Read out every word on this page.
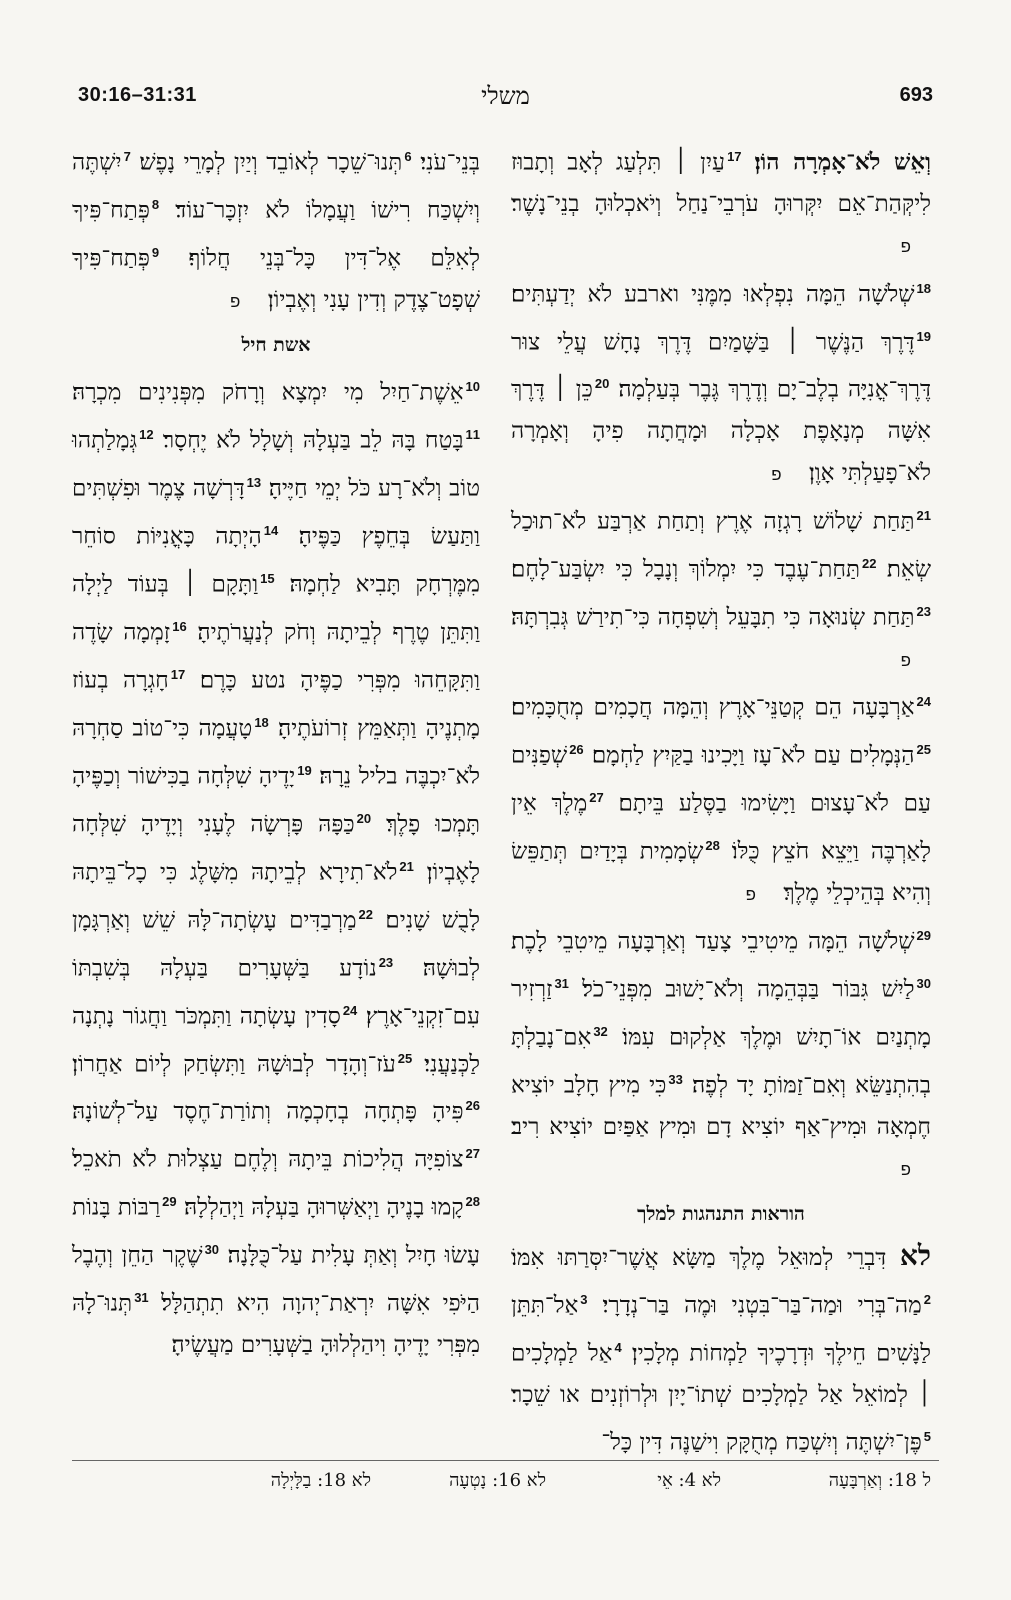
30:16–31:31	משלי	693

וְאֵשׁ לֹא־אָמְרָה הוֹן׃ $^{17}$עַיִן ׀ תִּלְעַג לְאָב וְתָבוּז לִיקְּהַת־אֵם יִקְּרוּהָ עֹרְבֵי־נַחַל וְיֹאכְלוּהָ בְנֵי־נָשֶׁר׃ פ

$^{18}$שְׁלֹשָׁה הֵמָּה נִפְלְאוּ מִמֶּנִּי וארבע לֹא יְדַעְתִּים׃ $^{19}$דֶּרֶךְ הַנֶּשֶׁר ׀ בַּשָּׁמַיִם דֶּרֶךְ נָחָשׁ עֲלֵי צוּר דֶּרֶךְ־אֳנִיָּה בְלֶב־יָם וְדֶרֶךְ גֶּבֶר בְּעַלְמָה׃ $^{20}$כֵּן ׀ דֶּרֶךְ אִשָּׁה מְנָאָפֶת אָכְלָה וּמָחֲתָה פִיהָ וְאָמְרָה לֹא־פָעַלְתִּי אָוֶן׃ פ

$^{21}$תַּחַת שָׁלוֹשׁ רָגְזָה אֶרֶץ וְתַחַת אַרְבַּע לֹא־תוּכַל שְׂאֵת׃ $^{22}$תַּחַת־עֶבֶד כִּי יִמְלוֹךְ וְנָבָל כִּי יִשְׂבַּע־לָחֶם׃ $^{23}$תַּחַת שְׂנוּאָה כִּי תִבָּעֵל וְשִׁפְחָה כִּי־תִירַשׁ גְּבִרְתָּהּ׃ פ

$^{24}$אַרְבָּעָה הֵם קְטַנֵּי־אָרֶץ וְהֵמָּה חֲכָמִים מְחֻכָּמִים׃ $^{25}$הַנְּמָלִים עַם לֹא־עָז וַיָּכִינוּ בַקַּיִץ לַחְמָם׃ $^{26}$שְׁפַנִּים עַם לֹא־עָצוּם וַיָּשִׂימוּ בַסֶּלַע בֵּיתָם׃ $^{27}$מֶלֶךְ אֵין לָאַרְבֶּה וַיֵּצֵא חֹצֵץ כֻּלּוֹ׃ $^{28}$שְׂמָמִית בְּיָדַיִם תְּתַפֵּשׂ וְהִיא בְּהֵיכְלֵי מֶלֶךְ׃ פ

$^{29}$שְׁלֹשָׁה הֵמָּה מֵיטִיבֵי צָעַד וְאַרְבָּעָה מֵיטִבֵי לָכֶת׃ $^{30}$לַיִשׁ גִּבּוֹר בַּבְּהֵמָה וְלֹא־יָשׁוּב מִפְּנֵי־כֹל׃ $^{31}$זַרְזִיר מָתְנַיִם אוֹ־תָיִשׁ וּמֶלֶךְ אַלְקוּם עִמּוֹ׃ $^{32}$אִם־נָבַלְתָּ בְהִתְנַשֵּׂא וְאִם־זַמּוֹתָ יָד לְפֶה׃ $^{33}$כִּי מִיץ חָלָב יוֹצִיא חֶמְאָה וּמִיץ־אַף יוֹצִיא דָם וּמִיץ אַפַּיִם יוֹצִיא רִיב׃ פ

הוראות התנהגות למלך

לא דִּבְרֵי לְמוּאֵל מֶלֶךְ מַשָּׂא אֲשֶׁר־יִסְּרַתּוּ אִמּוֹ׃ $^2$מַה־בְּרִי וּמַה־בַּר־בִּטְנִי וּמֶה בַּר־נְדָרָי׃ $^3$אַל־תִּתֵּן לַנָּשִׁים חֵילֶךָ וּדְרָכֶיךָ לַמְחוֹת מְלָכִין׃ $^4$אַל לַמְלָכִים ׀ לְמוֹאֵל אַל לַמְלָכִים שְׁתוֹ־יָיִן וּלְרוֹזְנִים או שֵׁכָר׃ $^5$פֶּן־יִשְׁתֶּה וְיִשְׁכַּח מְחֻקָּק וִישַׁנֶּה דִּין כָּל־

בְּנֵי־עֹנִי׃ $^6$תְּנוּ־שֵׁכָר לְאוֹבֵד וְיַיִן לְמָרֵי נָפֶשׁ׃ $^7$יִשְׁתֶּה וְיִשְׁכַּח רִישׁוֹ וַעֲמָלוֹ לֹא יִזְכָּר־עוֹד׃ $^8$פְּתַח־פִּיךָ לְאִלֵּם אֶל־דִּין כָּל־בְּנֵי חֲלוֹף׃ $^9$פְּתַח־פִּיךָ שְׁפָט־צֶדֶק וְדִין עָנִי וְאֶבְיוֹן׃ פ

אשת חיל

$^{10}$אֵשֶׁת־חַיִל מִי יִמְצָא וְרָחֹק מִפְּנִינִים מִכְרָהּ׃ $^{11}$בָּטַח בָּהּ לֵב בַּעְלָהּ וְשָׁלָל לֹא יֶחְסָר׃ $^{12}$גְּמָלַתְהוּ טוֹב וְלֹא־רָע כֹּל יְמֵי חַיֶּיהָ׃ $^{13}$דָּרְשָׁה צֶמֶר וּפִשְׁתִּים וַתַּעַשׂ בְּחֵפֶץ כַּפֶּיהָ׃ $^{14}$הָיְתָה כָּאֳנִיּוֹת סוֹחֵר מִמֶּרְחָק תָּבִיא לַחְמָהּ׃ $^{15}$וַתָּקָם ׀ בְּעוֹד לַיְלָה וַתִּתֵּן טֶרֶף לְבֵיתָהּ וְחֹק לְנַעֲרֹתֶיהָ׃ $^{16}$זָמְמָה שָׂדֶה וַתִּקָּחֵהוּ מִפְּרִי כַפֶּיהָ נטע כָּרֶם׃ $^{17}$חָגְרָה בְעוֹז מָתְנֶיהָ וַתְּאַמֵּץ זְרוֹעֹתֶיהָ׃ $^{18}$טָעֲמָה כִּי־טוֹב סַחְרָהּ לֹא־יִכְבֶּה בליל נֵרָהּ׃ $^{19}$יָדֶיהָ שִׁלְּחָה בַכִּישׁוֹר וְכַפֶּיהָ תָּמְכוּ פָלֶךְ׃ $^{20}$כַּפָּהּ פָּרְשָׂה לֶעָנִי וְיָדֶיהָ שִׁלְּחָה לָאֶבְיוֹן׃ $^{21}$לֹא־תִירָא לְבֵיתָהּ מִשָּׁלֶג כִּי כָל־בֵּיתָהּ לָבֻשׁ שָׁנִים׃ $^{22}$מַרְבַדִּים עָשְׂתָה־לָּהּ שֵׁשׁ וְאַרְגָּמָן לְבוּשָׁהּ׃ $^{23}$נוֹדָע בַּשְּׁעָרִים בַּעְלָהּ בְּשִׁבְתּוֹ עִם־זִקְנֵי־אָרֶץ׃ $^{24}$סָדִין עָשְׂתָה וַתִּמְכֹּר וַחֲגוֹר נָתְנָה לַכְּנַעֲנִי׃ $^{25}$עֹז־וְהָדָר לְבוּשָׁהּ וַתִּשְׂחַק לְיוֹם אַחֲרוֹן׃ $^{26}$פִּיהָ פָּתְחָה בְחָכְמָה וְתוֹרַת־חֶסֶד עַל־לְשׁוֹנָהּ׃ $^{27}$צוֹפִיָּה הֲלִיכוֹת בֵּיתָהּ וְלֶחֶם עַצְלוּת לֹא תֹאכֵל׃ $^{28}$קָמוּ בָנֶיהָ וַיְאַשְּׁרוּהָ בַּעְלָהּ וַיְהַלְלָהּ׃ $^{29}$רַבּוֹת בָּנוֹת עָשׂוּ חָיִל וְאַתְּ עָלִית עַל־כֻּלָּנָה׃ $^{30}$שֶׁקֶר הַחֵן וְהֶבֶל הַיֹּפִי אִשָּׁה יִרְאַת־יְהוָה הִיא תִתְהַלָּל׃ $^{31}$תְּנוּ־לָהּ מִפְּרִי יָדֶיהָ וִיהַלְלוּהָ בַשְּׁעָרִים מַעֲשֶׂיהָ׃

ל 18: וְאַרְבָּעָה
לא 4: אֵי
לא 16: נָטְעָה
לא 18: בַלָּיְלָה
